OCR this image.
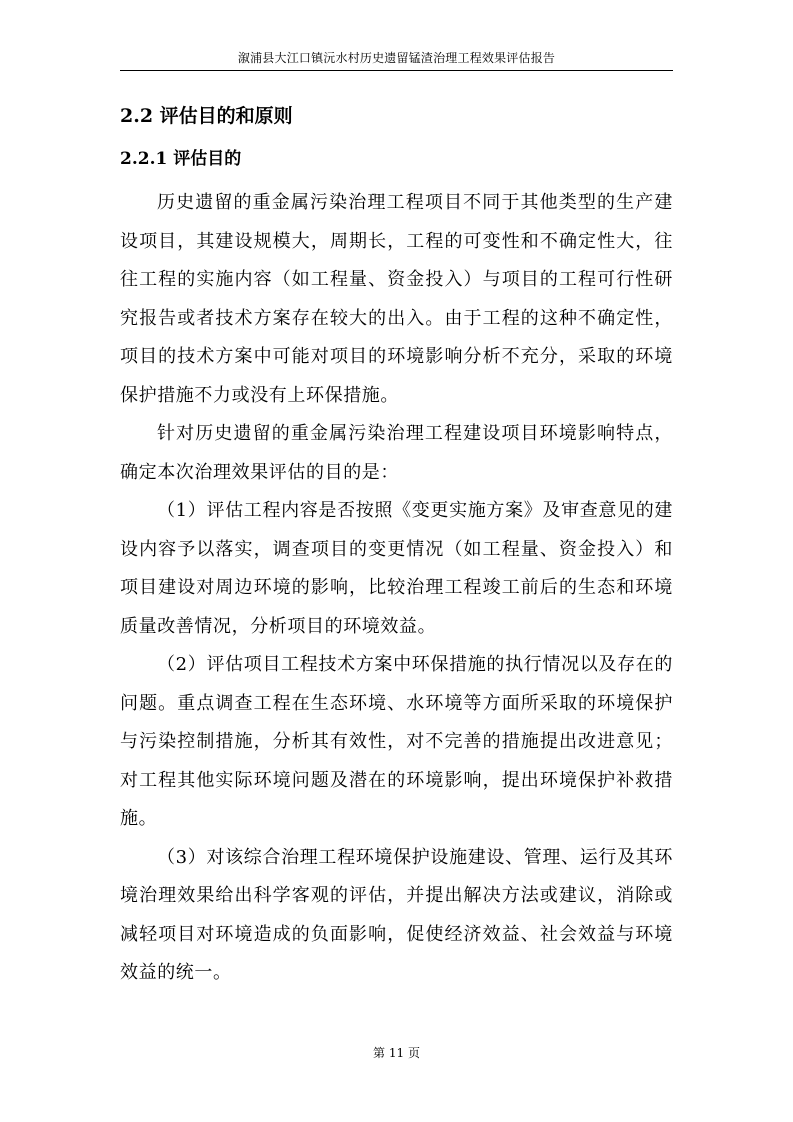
溆浦县大江口镇沅水村历史遗留锰渣治理工程效果评估报告
2.2 评估目的和原则
2.2.1 评估目的

历史遗留的重金属污染治理工程项目不同于其他类型的生产建设项目，其建设规模大，周期长，工程的可变性和不确定性大，往往工程的实施内容（如工程量、资金投入）与项目的工程可行性研究报告或者技术方案存在较大的出入。由于工程的这种不确定性，项目的技术方案中可能对项目的环境影响分析不充分，采取的环境保护措施不力或没有上环保措施。

针对历史遗留的重金属污染治理工程建设项目环境影响特点，确定本次治理效果评估的目的是：

（1）评估工程内容是否按照《变更实施方案》及审查意见的建设内容予以落实，调查项目的变更情况（如工程量、资金投入）和项目建设对周边环境的影响，比较治理工程竣工前后的生态和环境质量改善情况，分析项目的环境效益。

（2）评估项目工程技术方案中环保措施的执行情况以及存在的问题。重点调查工程在生态环境、水环境等方面所采取的环境保护与污染控制措施，分析其有效性，对不完善的措施提出改进意见；对工程其他实际环境问题及潜在的环境影响，提出环境保护补救措施。

（3）对该综合治理工程环境保护设施建设、管理、运行及其环境治理效果给出科学客观的评估，并提出解决方法或建议，消除或减轻项目对环境造成的负面影响，促使经济效益、社会效益与环境效益的统一。

第 11 页
